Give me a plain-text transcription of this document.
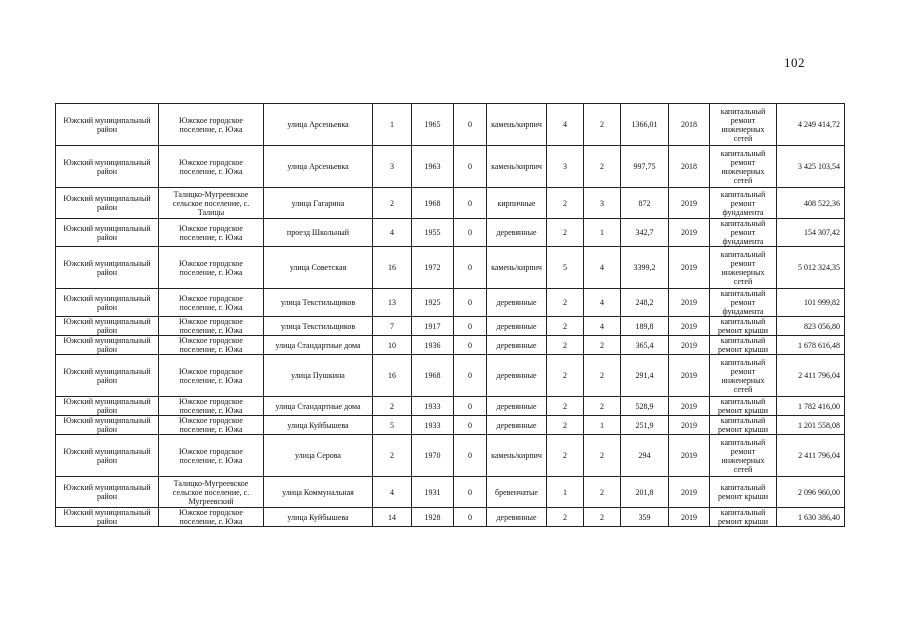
102
Южский муниципальный район	Южское городское поселение, г. Южа	улица Арсеньевка	1	1965	0	камень/кирпич	4	2	1366,01	2018	капитальный ремонт инженерных сетей	4 249 414,72
Южский муниципальный район	Южское городское поселение, г. Южа	улица Арсеньевка	3	1963	0	камень/кирпич	3	2	997,75	2018	капитальный ремонт инженерных сетей	3 425 103,54
Южский муниципальный район	Талицко-Мугреевское сельское поселение, с. Талицы	улица Гагарина	2	1968	0	кирпичные	2	3	872	2019	капитальный ремонт фундамента	408 522,36
Южский муниципальный район	Южское городское поселение, г. Южа	проезд Школьный	4	1955	0	деревянные	2	1	342,7	2019	капитальный ремонт фундамента	154 307,42
Южский муниципальный район	Южское городское поселение, г. Южа	улица Советская	16	1972	0	камень/кирпич	5	4	3399,2	2019	капитальный ремонт инженерных сетей	5 012 324,35
Южский муниципальный район	Южское городское поселение, г. Южа	улица Текстильщиков	13	1925	0	деревянные	2	4	248,2	2019	капитальный ремонт фундамента	101 999,82
Южский муниципальный район	Южское городское поселение, г. Южа	улица Текстильщиков	7	1917	0	деревянные	2	4	189,8	2019	капитальный ремонт крыши	823 056,80
Южский муниципальный район	Южское городское поселение, г. Южа	улица Стандартные дома	10	1936	0	деревянные	2	2	365,4	2019	капитальный ремонт крыши	1 678 616,48
Южский муниципальный район	Южское городское поселение, г. Южа	улица Пушкина	16	1968	0	деревянные	2	2	291,4	2019	капитальный ремонт инженерных сетей	2 411 796,04
Южский муниципальный район	Южское городское поселение, г. Южа	улица Стандартные дома	2	1933	0	деревянные	2	2	528,9	2019	капитальный ремонт крыши	1 782 416,00
Южский муниципальный район	Южское городское поселение, г. Южа	улица Куйбышева	5	1933	0	деревянные	2	1	251,9	2019	капитальный ремонт крыши	1 201 558,08
Южский муниципальный район	Южское городское поселение, г. Южа	улица Серова	2	1970	0	камень/кирпич	2	2	294	2019	капитальный ремонт инженерных сетей	2 411 796,04
Южский муниципальный район	Талицко-Мугреевское сельское поселение, с. Мугреевский	улица Коммунальная	4	1931	0	бревенчатые	1	2	201,8	2019	капитальный ремонт крыши	2 096 960,00
Южский муниципальный район	Южское городское поселение, г. Южа	улица Куйбышева	14	1928	0	деревянные	2	2	359	2019	капитальный ремонт крыши	1 630 386,40
